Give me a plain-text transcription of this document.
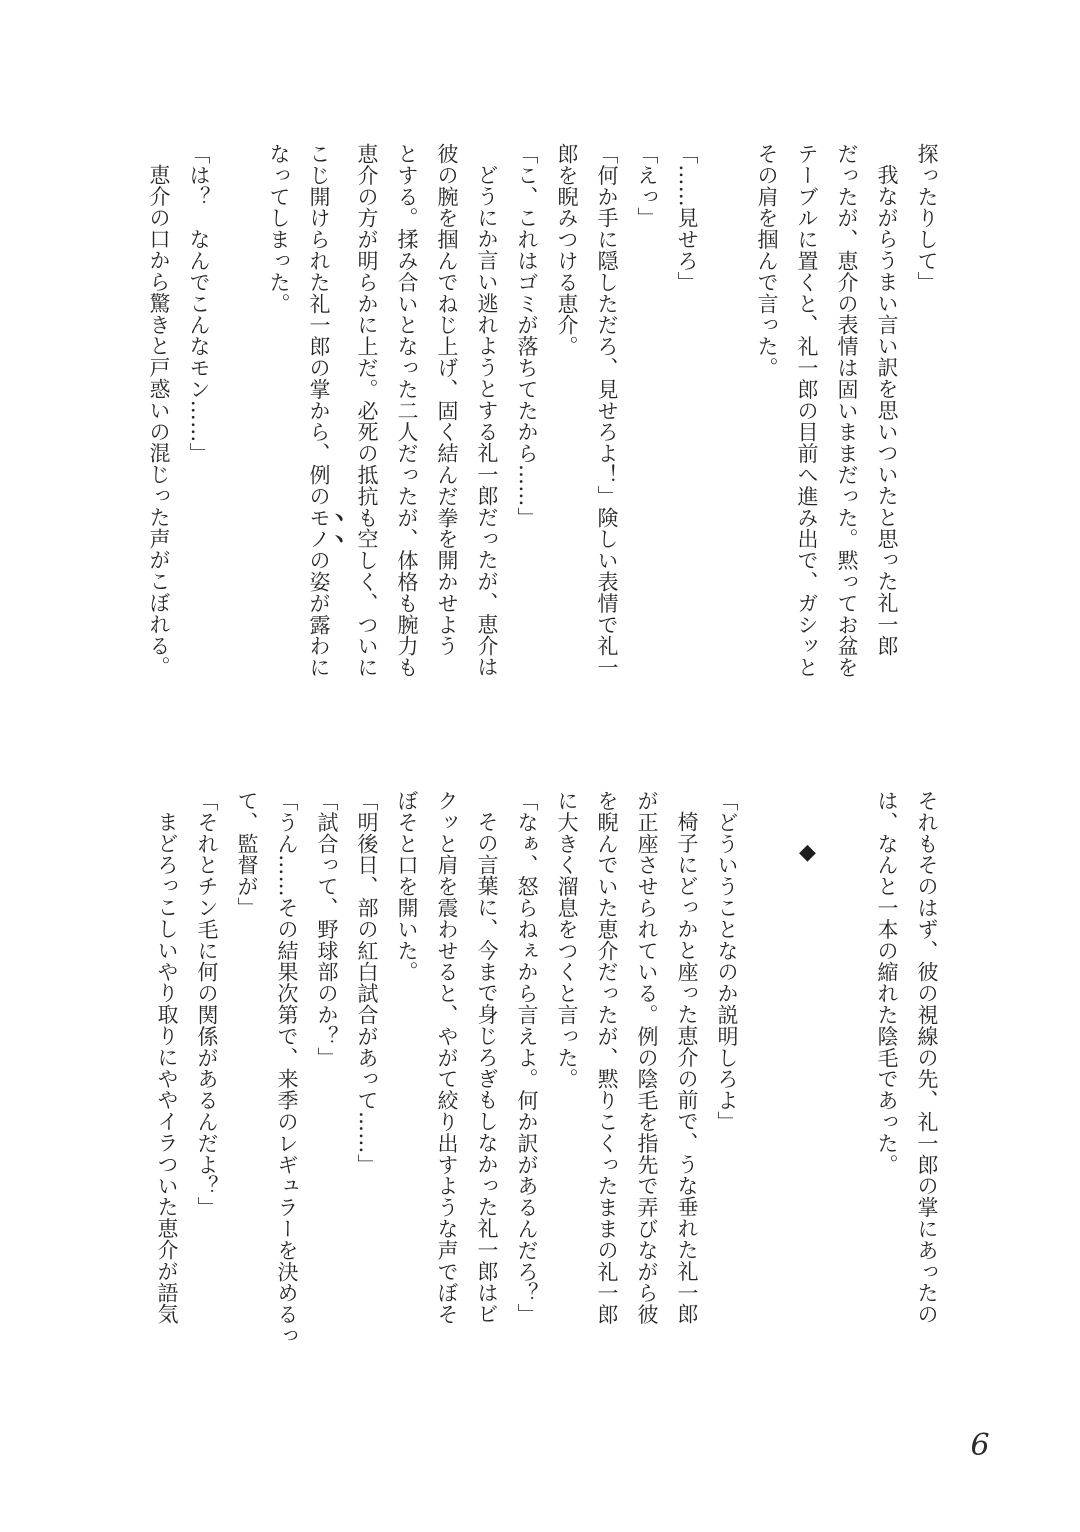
探ったりして」

我ながらうまい言い訳を思いついたと思った礼一郎

だったが、恵介の表情は固いままだった。黙ってお盆を

テーブルに置くと、礼一郎の目前へ進み出で、ガシッと

その肩を掴んで言った。

「……見せろ」

「えっ」

「何か手に隠しただろ、見せろよ！」険しい表情で礼一

郎を睨みつける恵介。

「こ、これはゴミが落ちてたから……」

どうにか言い逃れようとする礼一郎だったが、恵介は

彼の腕を掴んでねじ上げ、固く結んだ拳を開かせよう

とする。揉み合いとなった二人だったが、体格も腕力も

恵介の方が明らかに上だ。必死の抵抗も空しく、ついに

こじ開けられた礼一郎の掌から、例のモノの姿が露わに

なってしまった。

「は？　なんでこんなモン……」

恵介の口から驚きと戸惑いの混じった声がこぼれる。

それもそのはず、彼の視線の先、礼一郎の掌にあったの

は、なんと一本の縮れた陰毛であった。

◆

「どういうことなのか説明しろよ」

椅子にどっかと座った恵介の前で、うな垂れた礼一郎

が正座させられている。例の陰毛を指先で弄びながら彼

を睨んでいた恵介だったが、黙りこくったままの礼一郎

に大きく溜息をつくと言った。

「なぁ、怒らねぇから言えよ。何か訳があるんだろ？」

その言葉に、今まで身じろぎもしなかった礼一郎はビ

クッと肩を震わせると、やがて絞り出すような声でぼそ

ぼそと口を開いた。

「明後日、部の紅白試合があって……」

「試合って、野球部のか？」

「うん……その結果次第で、来季のレギュラーを決めるっ

て、監督が」

「それとチン毛に何の関係があるんだよ？」

まどろっこしいやり取りにややイラついた恵介が語気

6
